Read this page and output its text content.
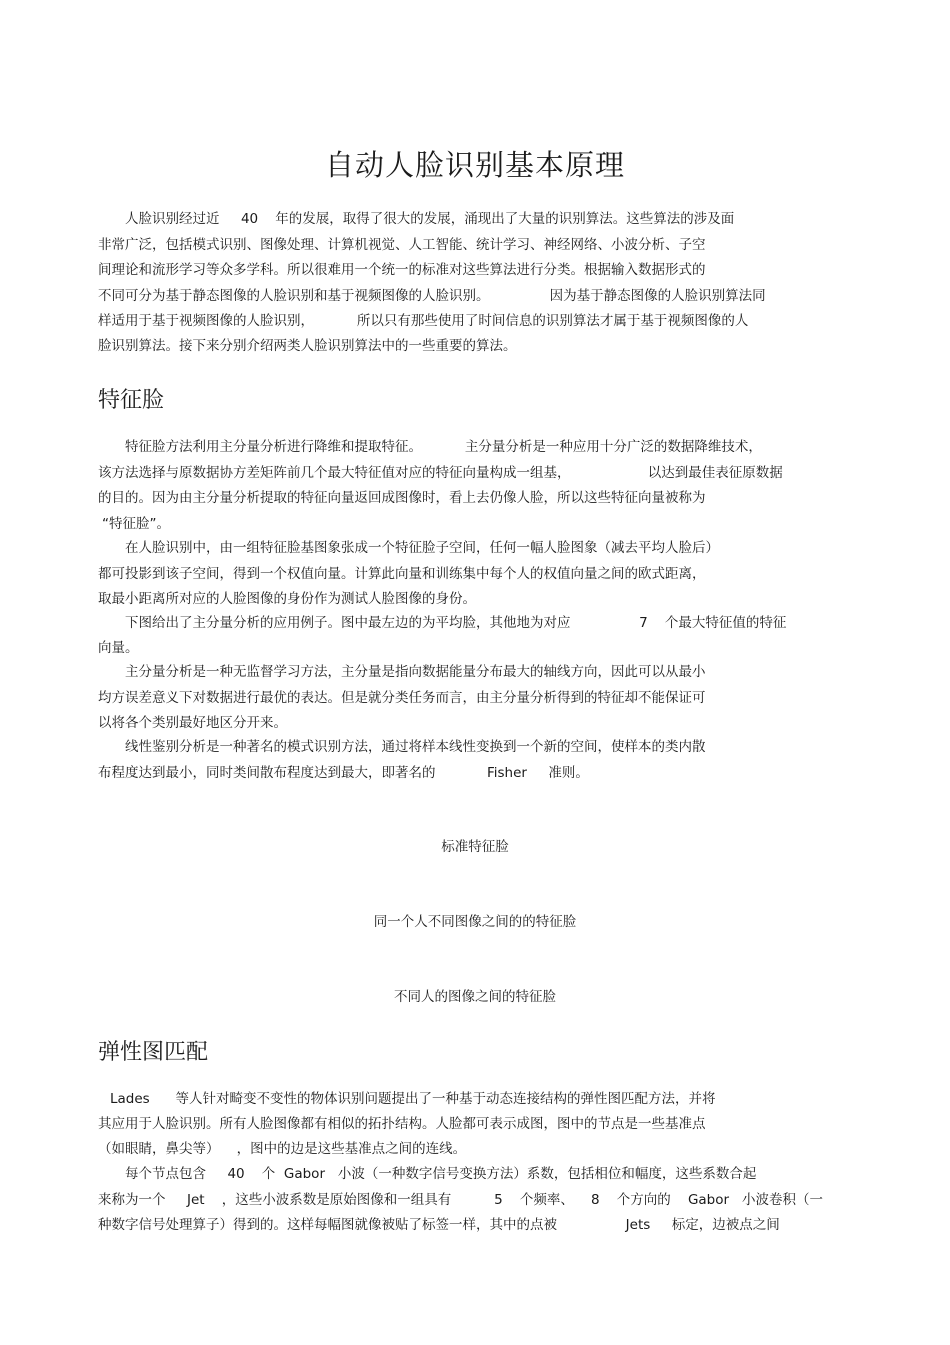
自动人脸识别基本原理
人脸识别经过近     40    年的发展，取得了很大的发展，涌现出了大量的识别算法。这些算法的涉及面
非常广泛，包括模式识别、图像处理、计算机视觉、人工智能、统计学习、神经网络、小波分析、子空
间理论和流形学习等众多学科。所以很难用一个统一的标准对这些算法进行分类。根据输入数据形式的
不同可分为基于静态图像的人脸识别和基于视频图像的人脸识别。              因为基于静态图像的人脸识别算法同
样适用于基于视频图像的人脸识别，          所以只有那些使用了时间信息的识别算法才属于基于视频图像的人
脸识别算法。接下来分别介绍两类人脸识别算法中的一些重要的算法。
特征脸
特征脸方法利用主分量分析进行降维和提取特征。          主分量分析是一种应用十分广泛的数据降维技术，
该方法选择与原数据协方差矩阵前几个最大特征值对应的特征向量构成一组基，                  以达到最佳表征原数据
的目的。因为由主分量分析提取的特征向量返回成图像时，看上去仍像人脸，所以这些特征向量被称为
“特征脸”。
在人脸识别中，由一组特征脸基图象张成一个特征脸子空间，任何一幅人脸图象（减去平均人脸后）
都可投影到该子空间，得到一个权值向量。计算此向量和训练集中每个人的权值向量之间的欧式距离，
取最小距离所对应的人脸图像的身份作为测试人脸图像的身份。
下图给出了主分量分析的应用例子。图中最左边的为平均脸，其他地为对应                7    个最大特征值的特征
向量。
主分量分析是一种无监督学习方法，主分量是指向数据能量分布最大的轴线方向，因此可以从最小
均方误差意义下对数据进行最优的表达。但是就分类任务而言，由主分量分析得到的特征却不能保证可
以将各个类别最好地区分开来。
线性鉴别分析是一种著名的模式识别方法，通过将样本线性变换到一个新的空间，使样本的类内散
布程度达到最小，同时类间散布程度达到最大，即著名的            Fisher     准则。
标准特征脸
同一个人不同图像之间的的特征脸
不同人的图像之间的特征脸
弹性图匹配
Lades      等人针对畸变不变性的物体识别问题提出了一种基于动态连接结构的弹性图匹配方法，并将
其应用于人脸识别。所有人脸图像都有相似的拓扑结构。人脸都可表示成图，图中的节点是一些基准点
（如眼睛，鼻尖等）    ，图中的边是这些基准点之间的连线。
每个节点包含     40    个  Gabor   小波（一种数字信号变换方法）系数，包括相位和幅度，这些系数合起
来称为一个     Jet    ，这些小波系数是原始图像和一组具有          5    个频率、    8    个方向的    Gabor   小波卷积（一
种数字信号处理算子）得到的。这样每幅图就像被贴了标签一样，其中的点被                Jets     标定，边被点之间
